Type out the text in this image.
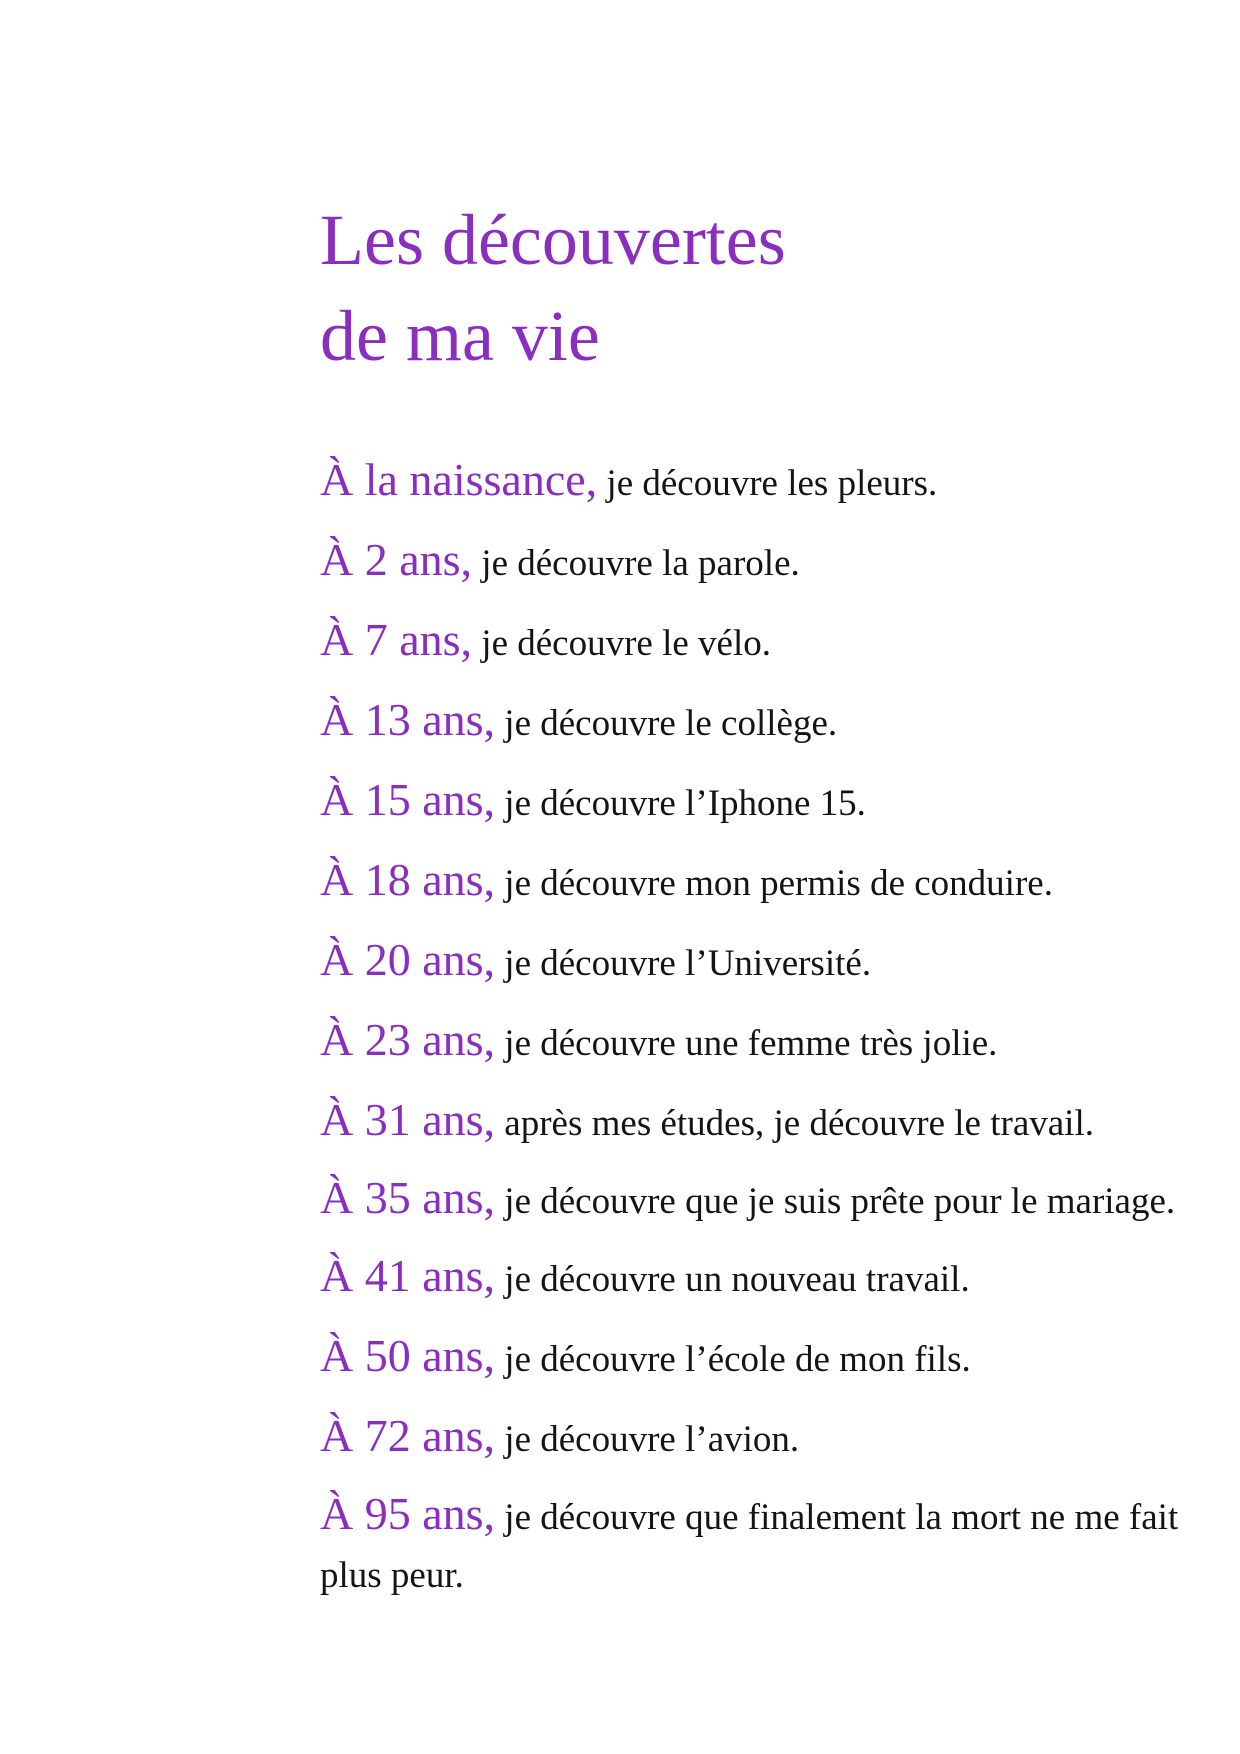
Les découvertes
de ma vie
À la naissance, je découvre les pleurs.
À 2 ans, je découvre la parole.
À 7 ans, je découvre le vélo.
À 13 ans, je découvre le collège.
À 15 ans, je découvre l’Iphone 15.
À 18 ans, je découvre mon permis de conduire.
À 20 ans, je découvre l’Université.
À 23 ans, je découvre une femme très jolie.
À 31 ans, après mes études, je découvre le travail.
À 35 ans, je découvre que je suis prête pour le mariage.
À 41 ans, je découvre un nouveau travail.
À 50 ans, je découvre l’école de mon fils.
À 72 ans, je découvre l’avion.
À 95 ans, je découvre que finalement la mort ne me fait plus peur.
